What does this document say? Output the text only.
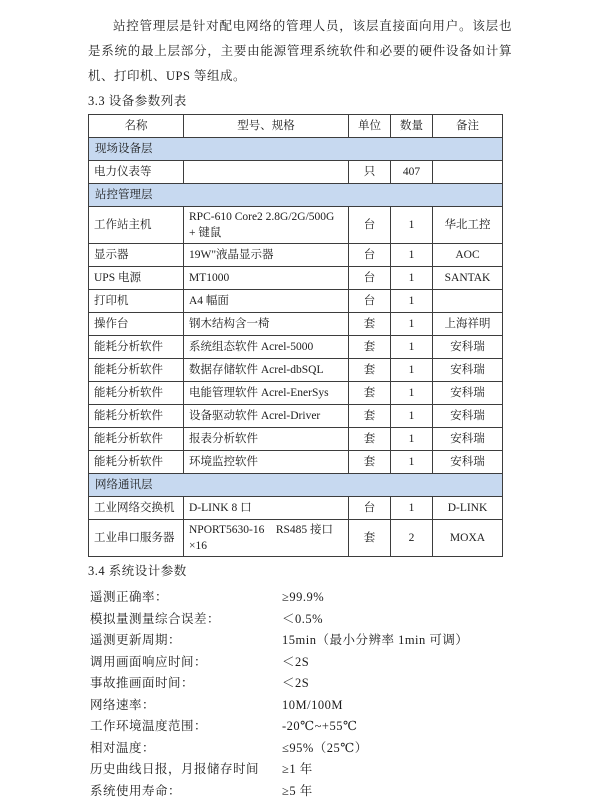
站控管理层是针对配电网络的管理人员，该层直接面向用户。该层也是系统的最上层部分，主要由能源管理系统软件和必要的硬件设备如计算机、打印机、UPS 等组成。

3.3 设备参数列表
名称	型号、规格	单位	数量	备注
现场设备层				
电力仪表等		只	407	
站控管理层				
工作站主机	RPC-610 Core2 2.8G/2G/500G + 键鼠	台	1	华北工控
显示器	19W"液晶显示器	台	1	AOC
UPS 电源	MT1000	台	1	SANTAK
打印机	A4 幅面	台	1	
操作台	钢木结构含一椅	套	1	上海祥明
能耗分析软件	系统组态软件 Acrel-5000	套	1	安科瑞
能耗分析软件	数据存储软件 Acrel-dbSQL	套	1	安科瑞
能耗分析软件	电能管理软件 Acrel-EnerSys	套	1	安科瑞
能耗分析软件	设备驱动软件 Acrel-Driver	套	1	安科瑞
能耗分析软件	报表分析软件	套	1	安科瑞
能耗分析软件	环境监控软件	套	1	安科瑞
网络通讯层				
工业网络交换机	D-LINK 8 口	台	1	D-LINK
工业串口服务器	NPORT5630-16　RS485 接口×16	套	2	MOXA
3.4 系统设计参数
遥测正确率：	≥99.9%
模拟量测量综合误差：	＜0.5%
遥测更新周期：	15min（最小分辨率 1min 可调）
调用画面响应时间：	＜2S
事故推画面时间：	＜2S
网络速率：	10M/100M
工作环境温度范围：	-20℃~+55℃
相对温度：	≤95%（25℃）
历史曲线日报，月报储存时间	≥1 年
系统使用寿命：	≥5 年
